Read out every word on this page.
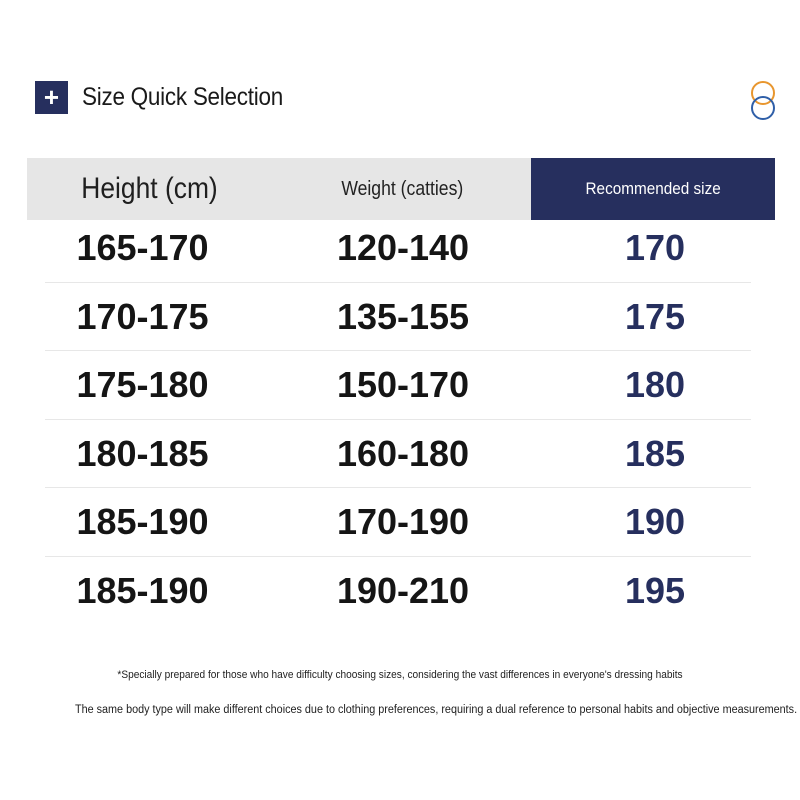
+ Size Quick Selection
Height (cm)	Weight (catties)	Recommended size
165-170	120-140	170
170-175	135-155	175
175-180	150-170	180
180-185	160-180	185
185-190	170-190	190
185-190	190-210	195
*Specially prepared for those who have difficulty choosing sizes, considering the vast differences in everyone's dressing habits
The same body type will make different choices due to clothing preferences, requiring a dual reference to personal habits and objective measurements.
